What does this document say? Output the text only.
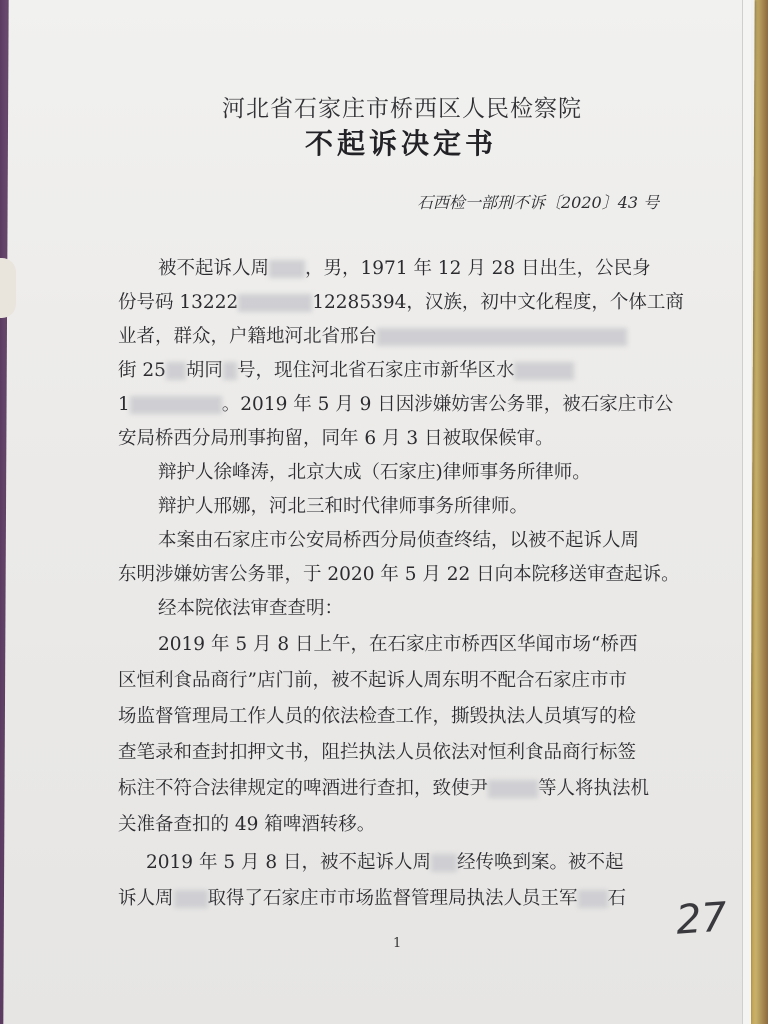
河北省石家庄市桥西区人民检察院
不起诉决定书
石西检一部刑不诉〔2020〕43 号
被不起诉人周 ，男，1971 年 12 月 28 日出生，公民身
份号码 13222	12285394，汉族，初中文化程度，个体工商
业者，群众，户籍地河北省邢台
街 25 胡同 号，现住河北省石家庄市新华区水
1	。2019 年 5 月 9 日因涉嫌妨害公务罪，被石家庄市公
安局桥西分局刑事拘留，同年 6 月 3 日被取保候审。
辩护人徐峰涛，北京大成（石家庄)律师事务所律师。
辩护人邢娜，河北三和时代律师事务所律师。
本案由石家庄市公安局桥西分局侦查终结，以被不起诉人周
东明涉嫌妨害公务罪，于 2020 年 5 月 22 日向本院移送审查起诉。
经本院依法审查查明：
2019 年 5 月 8 日上午，在石家庄市桥西区华闻市场“桥西
区恒利食品商行”店门前，被不起诉人周东明不配合石家庄市市
场监督管理局工作人员的依法检查工作，撕毁执法人员填写的检
查笔录和查封扣押文书，阻拦执法人员依法对恒利食品商行标签
标注不符合法律规定的啤酒进行查扣，致使尹	等人将执法机
关准备查扣的 49 箱啤酒转移。
2019 年 5 月 8 日，被不起诉人周 经传唤到案。被不起
诉人周 取得了石家庄市市场监督管理局执法人员王军 石
1	27
